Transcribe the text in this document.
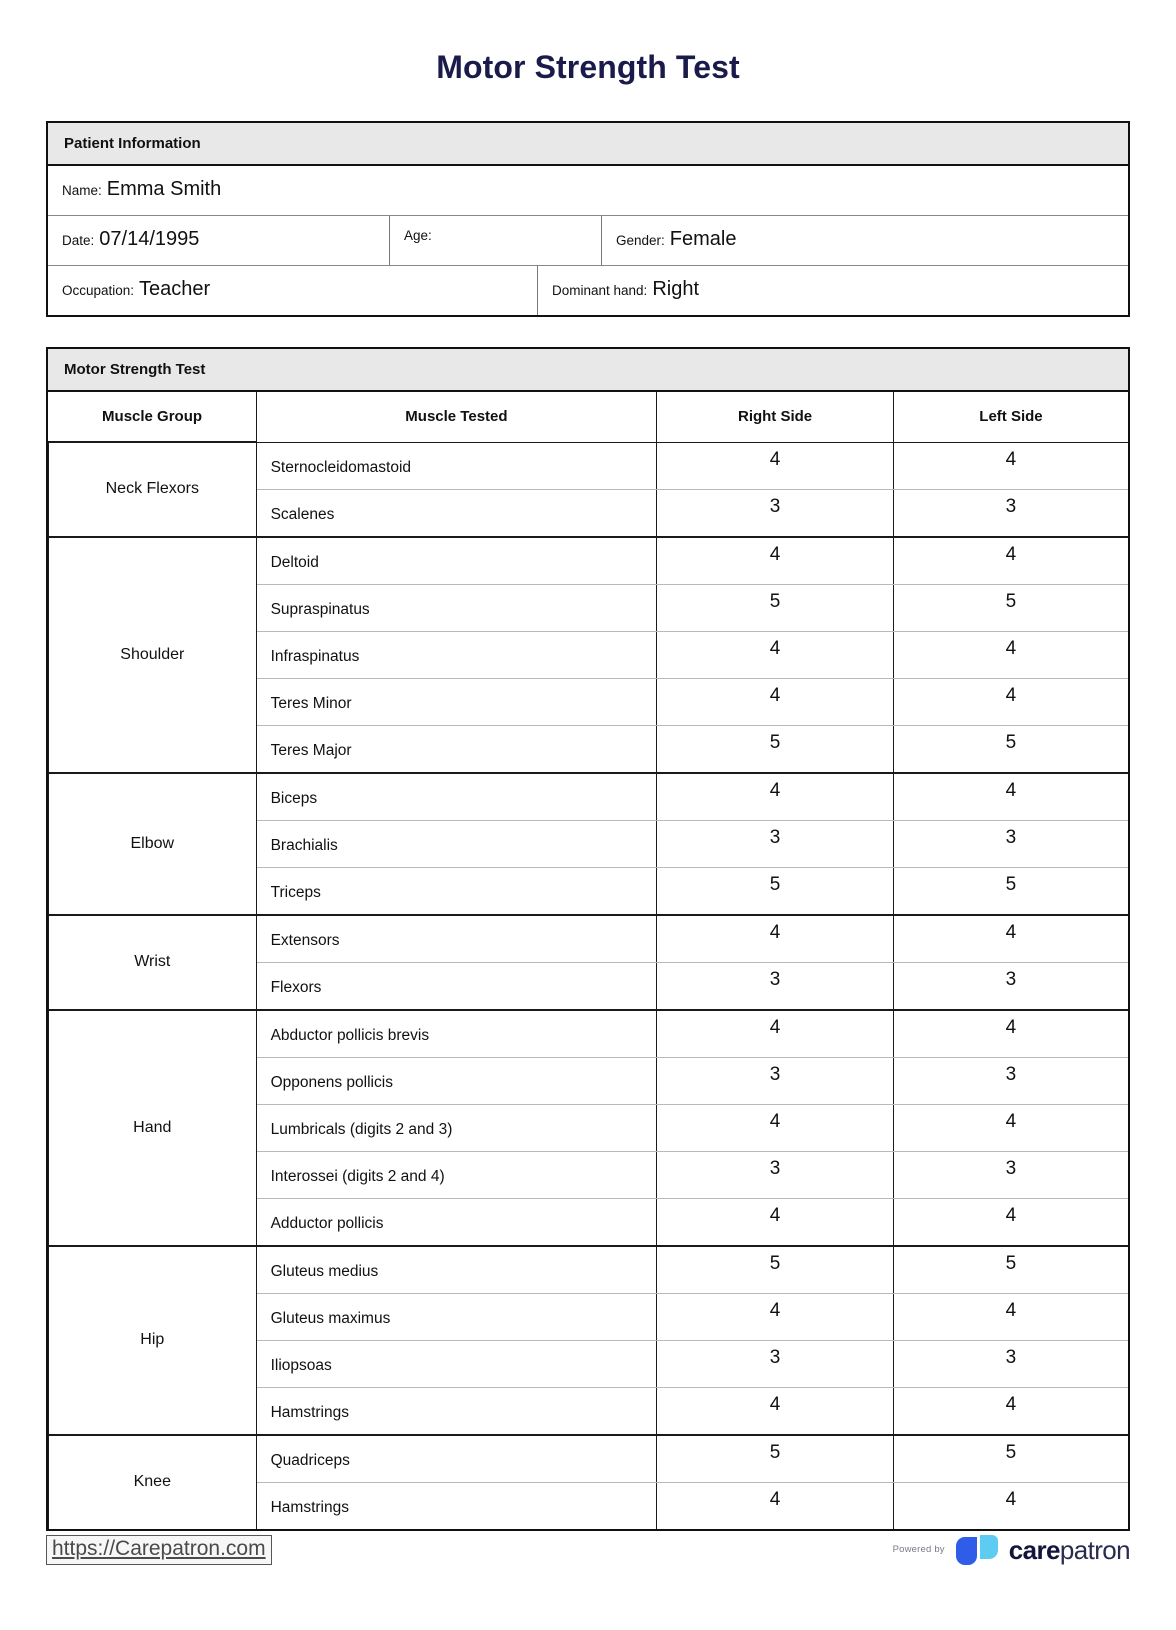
Motor Strength Test
Patient Information
Name: Emma Smith
Date: 07/14/1995	Age:	Gender: Female
Occupation: Teacher	Dominant hand: Right
Motor Strength Test
Muscle Group	Muscle Tested	Right Side	Left Side
Neck Flexors	Sternocleidomastoid	4	4
	Scalenes	3	3
Shoulder	Deltoid	4	4
	Supraspinatus	5	5
	Infraspinatus	4	4
	Teres Minor	4	4
	Teres Major	5	5
Elbow	Biceps	4	4
	Brachialis	3	3
	Triceps	5	5
Wrist	Extensors	4	4
	Flexors	3	3
Hand	Abductor pollicis brevis	4	4
	Opponens pollicis	3	3
	Lumbricals (digits 2 and 3)	4	4
	Interossei (digits 2 and 4)	3	3
	Adductor pollicis	4	4
Hip	Gluteus medius	5	5
	Gluteus maximus	4	4
	Iliopsoas	3	3
	Hamstrings	4	4
Knee	Quadriceps	5	5
	Hamstrings	4	4
https://Carepatron.com	Powered by carepatron
